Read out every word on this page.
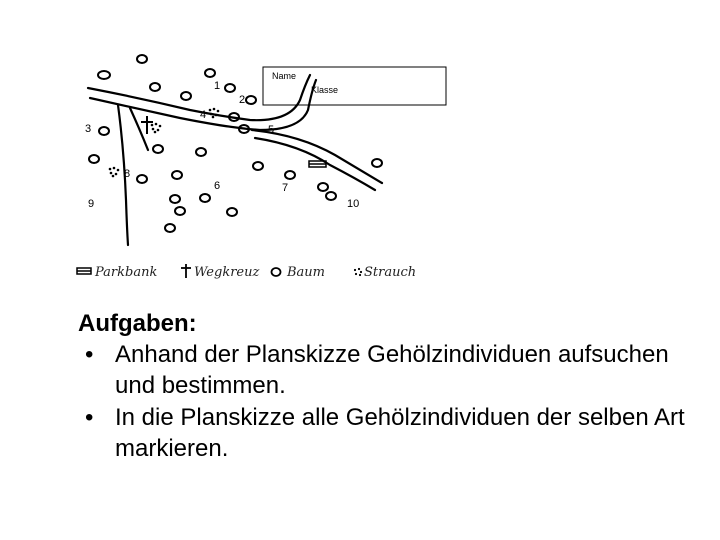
Name
Klasse
1
2
3
4
5
6	7
8
9	10
Parkbank	Wegkreuz Baum	Strauch
Aufgaben:
• Anhand der Planskizze Gehölzindividuen aufsuchen und bestimmen.
• In die Planskizze alle Gehölzindividuen der selben Art markieren.
